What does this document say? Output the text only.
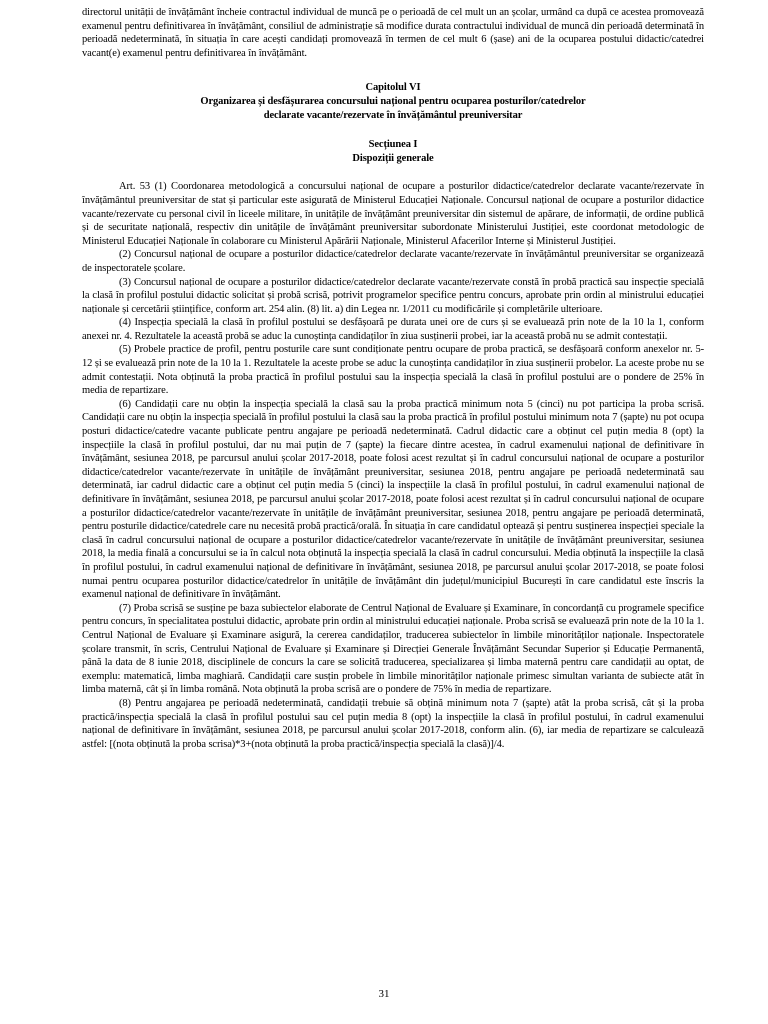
directorul unității de învățământ încheie contractul individual de muncă pe o perioadă de cel mult un an școlar, urmând ca după ce acestea promovează examenul pentru definitivarea în învățământ, consiliul de administrație să modifice durata contractului individual de muncă din perioadă determinată în perioadă nedeterminată, în situația în care acești candidați promovează în termen de cel mult 6 (șase) ani de la ocuparea postului didactic/catedrei vacant(e) examenul pentru definitivarea în învățământ.

Capitolul VI

Organizarea și desfășurarea concursului național pentru ocuparea posturilor/catedrelor

declarate vacante/rezervate în învățământul preuniversitar

Secțiunea I

Dispoziții generale

Art. 53 (1) Coordonarea metodologică a concursului național de ocupare a posturilor didactice/catedrelor declarate vacante/rezervate în învățământul preuniversitar de stat și particular este asigurată de Ministerul Educației Naționale. Concursul național de ocupare a posturilor didactice vacante/rezervate cu personal civil în liceele militare, în unitățile de învățământ preuniversitar din sistemul de apărare, de informații, de ordine publică și de securitate națională, respectiv din unitățile de învățământ preuniversitar subordonate Ministerului Justiției, este coordonat metodologic de Ministerul Educației Naționale în colaborare cu Ministerul Apărării Naționale, Ministerul Afacerilor Interne și Ministerul Justiției.

(2) Concursul național de ocupare a posturilor didactice/catedrelor declarate vacante/rezervate în învățământul preuniversitar se organizează de inspectoratele școlare.

(3) Concursul național de ocupare a posturilor didactice/catedrelor declarate vacante/rezervate constă în probă practică sau inspecție specială la clasă în profilul postului didactic solicitat și probă scrisă, potrivit programelor specifice pentru concurs, aprobate prin ordin al ministrului educației naționale și cercetării științifice, conform art. 254 alin. (8) lit. a) din Legea nr. 1/2011 cu modificările și completările ulterioare.

(4) Inspecția specială la clasă în profilul postului se desfășoară pe durata unei ore de curs și se evaluează prin note de la 10 la 1, conform anexei nr. 4. Rezultatele la această probă se aduc la cunoștința candidaților în ziua susținerii probei, iar la această probă nu se admit contestații.

(5) Probele practice de profil, pentru posturile care sunt condiționate pentru ocupare de proba practică, se desfășoară conform anexelor nr. 5-12 și se evaluează prin note de la 10 la 1. Rezultatele la aceste probe se aduc la cunoștința candidaților în ziua susținerii probelor. La aceste probe nu se admit contestații. Nota obținută la proba practică în profilul postului sau la inspecția specială la clasă în profilul postului are o pondere de 25% în media de repartizare.

(6) Candidații care nu obțin la inspecția specială la clasă sau la proba practică minimum nota 5 (cinci) nu pot participa la proba scrisă. Candidații care nu obțin la inspecția specială în profilul postului la clasă sau la proba practică în profilul postului minimum nota 7 (șapte) nu pot ocupa posturi didactice/catedre vacante publicate pentru angajare pe perioadă nedeterminată. Cadrul didactic care a obținut cel puțin media 8 (opt) la inspecțiile la clasă în profilul postului, dar nu mai puțin de 7 (șapte) la fiecare dintre acestea, în cadrul examenului național de definitivare în învățământ, sesiunea 2018, pe parcursul anului școlar 2017-2018, poate folosi acest rezultat și în cadrul concursului național de ocupare a posturilor didactice/catedrelor vacante/rezervate în unitățile de învățământ preuniversitar, sesiunea 2018, pentru angajare pe perioadă nedeterminată sau determinată, iar cadrul didactic care a obținut cel puțin media 5 (cinci) la inspecțiile la clasă în profilul postului, în cadrul examenului național de definitivare în învățământ, sesiunea 2018, pe parcursul anului școlar 2017-2018, poate folosi acest rezultat și în cadrul concursului național de ocupare a posturilor didactice/catedrelor vacante/rezervate în unitățile de învățământ preuniversitar, sesiunea 2018, pentru angajare pe perioadă determinată, pentru posturile didactice/catedrele care nu necesită probă practică/orală. În situația în care candidatul optează și pentru susținerea inspecției speciale la clasă în cadrul concursului național de ocupare a posturilor didactice/catedrelor vacante/rezervate în unitățile de învățământ preuniversitar, sesiunea 2018, la media finală a concursului se ia în calcul nota obținută la inspecția specială la clasă în cadrul concursului. Media obținută la inspecțiile la clasă în profilul postului, în cadrul examenului național de definitivare în învățământ, sesiunea 2018, pe parcursul anului școlar 2017-2018, se poate folosi numai pentru ocuparea posturilor didactice/catedrelor în unitățile de învățământ din județul/municipiul București în care candidatul este înscris la examenul național de definitivare în învățământ.

(7) Proba scrisă se susține pe baza subiectelor elaborate de Centrul Național de Evaluare și Examinare, în concordanță cu programele specifice pentru concurs, în specialitatea postului didactic, aprobate prin ordin al ministrului educației naționale. Proba scrisă se evaluează prin note de la 10 la 1. Centrul Național de Evaluare și Examinare asigură, la cererea candidaților, traducerea subiectelor în limbile minorităților naționale. Inspectoratele școlare transmit, în scris, Centrului Național de Evaluare și Examinare și Direcției Generale Învățământ Secundar Superior și Educație Permanentă, până la data de 8 iunie 2018, disciplinele de concurs la care se solicită traducerea, specializarea și limba maternă pentru care candidații au optat, de exemplu: matematică, limba maghiară. Candidații care susțin probele în limbile minorităților naționale primesc simultan varianta de subiecte atât în limba maternă, cât și în limba română. Nota obținută la proba scrisă are o pondere de 75% în media de repartizare.

(8) Pentru angajarea pe perioadă nedeterminată, candidații trebuie să obțină minimum nota 7 (șapte) atât la proba scrisă, cât și la proba practică/inspecția specială la clasă în profilul postului sau cel puțin media 8 (opt) la inspecțiile la clasă în profilul postului, în cadrul examenului național de definitivare în învățământ, sesiunea 2018, pe parcursul anului școlar 2017-2018, conform alin. (6), iar media de repartizare se calculează astfel: [(nota obținută la proba scrisa)*3+(nota obținută la proba practică/inspecția specială la clasă)]/4.

31
